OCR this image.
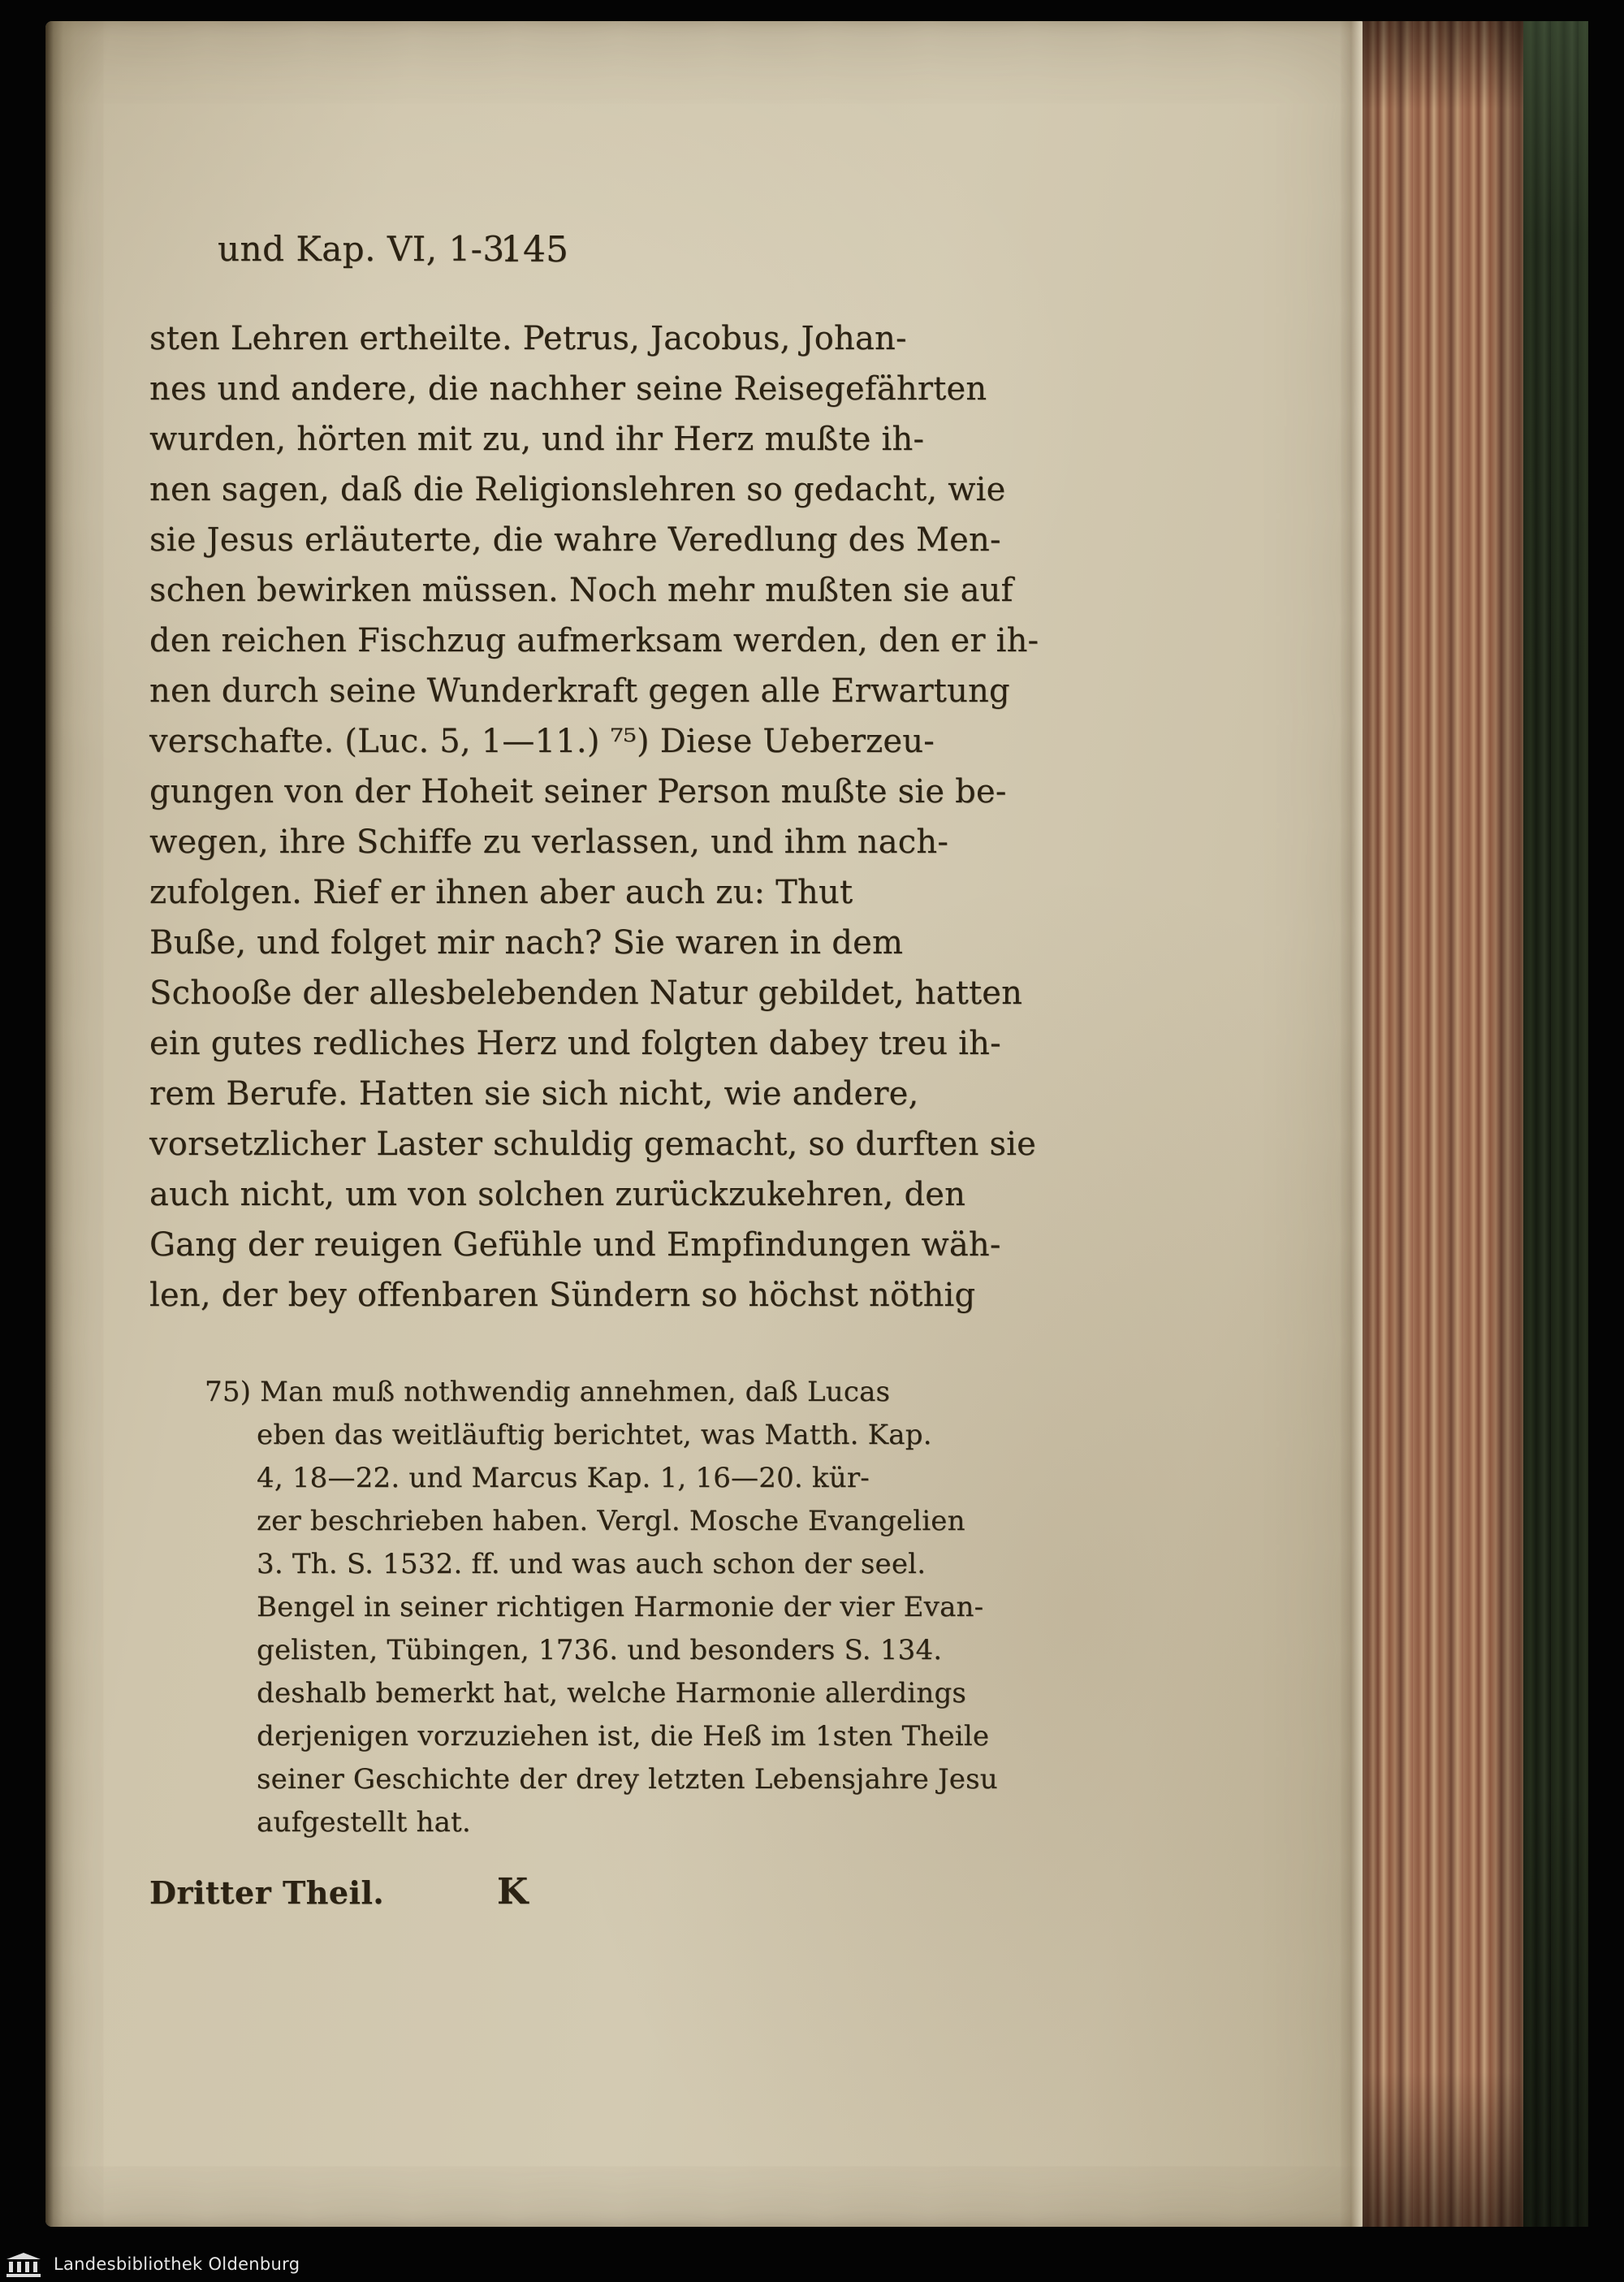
und Kap. VI, 1-3.
145
sten Lehren ertheilte. Petrus, Jacobus, Johan-
nes und andere, die nachher seine Reisegefährten
wurden, hörten mit zu, und ihr Herz mußte ih-
nen sagen, daß die Religionslehren so gedacht, wie
sie Jesus erläuterte, die wahre Veredlung des Men-
schen bewirken müssen. Noch mehr mußten sie auf
den reichen Fischzug aufmerksam werden, den er ih-
nen durch seine Wunderkraft gegen alle Erwartung
verschafte. (Luc. 5, 1—11.) ⁷⁵) Diese Ueberzeu-
gungen von der Hoheit seiner Person mußte sie be-
wegen, ihre Schiffe zu verlassen, und ihm nach-
zufolgen. Rief er ihnen aber auch zu: Thut
Buße, und folget mir nach? Sie waren in dem
Schooße der allesbelebenden Natur gebildet, hatten
ein gutes redliches Herz und folgten dabey treu ih-
rem Berufe. Hatten sie sich nicht, wie andere,
vorsetzlicher Laster schuldig gemacht, so durften sie
auch nicht, um von solchen zurückzukehren, den
Gang der reuigen Gefühle und Empfindungen wäh-
len, der bey offenbaren Sündern so höchst nöthig
75) Man muß nothwendig annehmen, daß Lucas
eben das weitläuftig berichtet, was Matth. Kap.
4, 18—22. und Marcus Kap. 1, 16—20. kür-
zer beschrieben haben. Vergl. Mosche Evangelien
3. Th. S. 1532. ff. und was auch schon der seel.
Bengel in seiner richtigen Harmonie der vier Evan-
gelisten, Tübingen, 1736. und besonders S. 134.
deshalb bemerkt hat, welche Harmonie allerdings
derjenigen vorzuziehen ist, die Heß im 1sten Theile
seiner Geschichte der drey letzten Lebensjahre Jesu
aufgestellt hat.
Dritter Theil.	K
Landesbibliothek Oldenburg
